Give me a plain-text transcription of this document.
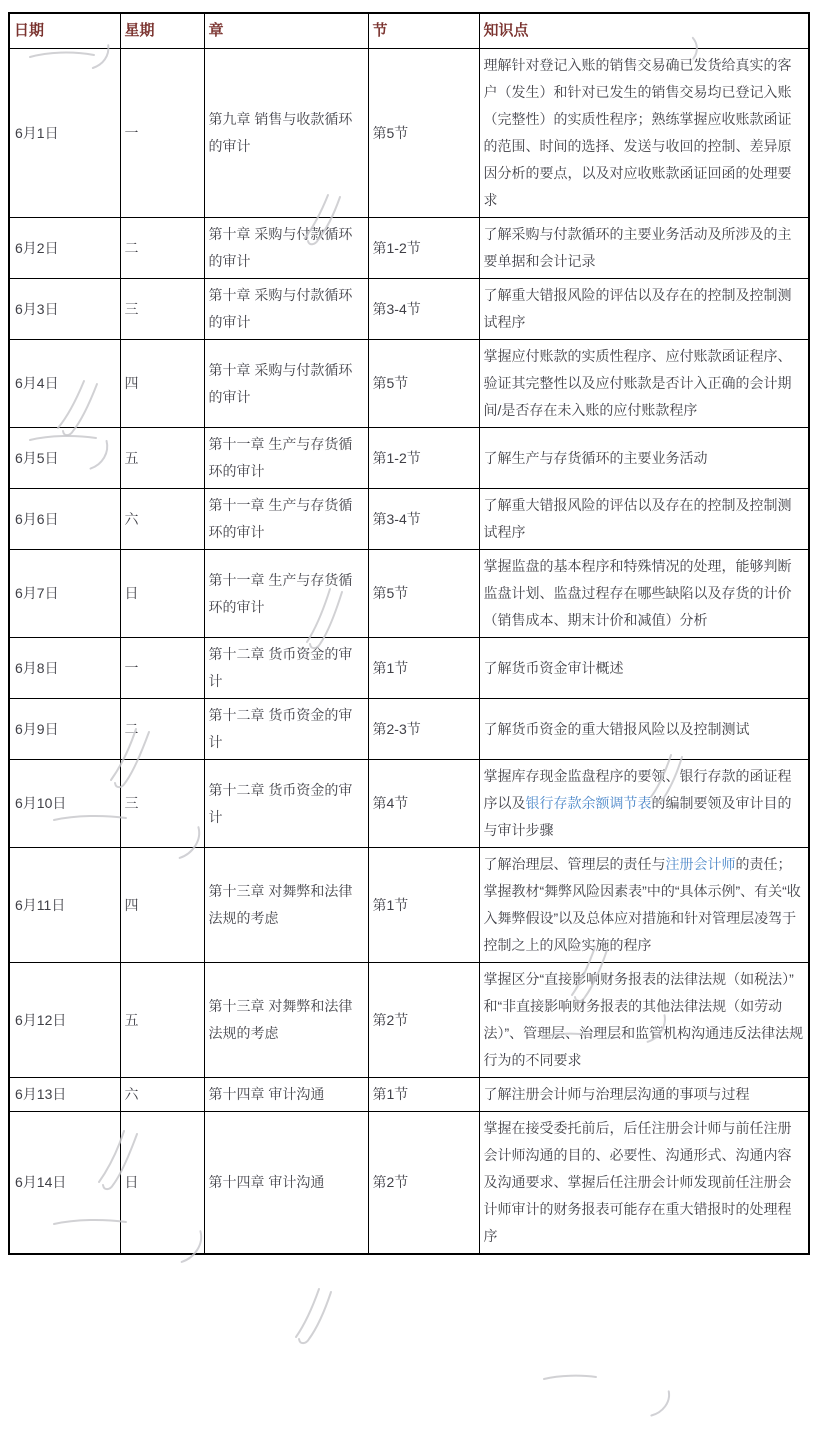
日期	星期	章	节	知识点
6月1日	一	第九章 销售与收款循环的审计	第5节	理解针对登记入账的销售交易确已发货给真实的客户（发生）和针对已发生的销售交易均已登记入账（完整性）的实质性程序；熟练掌握应收账款函证的范围、时间的选择、发送与收回的控制、差异原因分析的要点，以及对应收账款函证回函的处理要求
6月2日	二	第十章 采购与付款循环的审计	第1-2节	了解采购与付款循环的主要业务活动及所涉及的主要单据和会计记录
6月3日	三	第十章 采购与付款循环的审计	第3-4节	了解重大错报风险的评估以及存在的控制及控制测试程序
6月4日	四	第十章 采购与付款循环的审计	第5节	掌握应付账款的实质性程序、应付账款函证程序、验证其完整性以及应付账款是否计入正确的会计期间/是否存在未入账的应付账款程序
6月5日	五	第十一章 生产与存货循环的审计	第1-2节	了解生产与存货循环的主要业务活动
6月6日	六	第十一章 生产与存货循环的审计	第3-4节	了解重大错报风险的评估以及存在的控制及控制测试程序
6月7日	日	第十一章 生产与存货循环的审计	第5节	掌握监盘的基本程序和特殊情况的处理，能够判断监盘计划、监盘过程存在哪些缺陷以及存货的计价（销售成本、期末计价和减值）分析
6月8日	一	第十二章 货币资金的审计	第1节	了解货币资金审计概述
6月9日	二	第十二章 货币资金的审计	第2-3节	了解货币资金的重大错报风险以及控制测试
6月10日	三	第十二章 货币资金的审计	第4节	掌握库存现金监盘程序的要领、银行存款的函证程序以及银行存款余额调节表的编制要领及审计目的与审计步骤
6月11日	四	第十三章 对舞弊和法律法规的考虑	第1节	了解治理层、管理层的责任与注册会计师的责任；掌握教材“舞弊风险因素表”中的“具体示例”、有关“收入舞弊假设”以及总体应对措施和针对管理层凌驾于控制之上的风险实施的程序
6月12日	五	第十三章 对舞弊和法律法规的考虑	第2节	掌握区分“直接影响财务报表的法律法规（如税法）”和“非直接影响财务报表的其他法律法规（如劳动法）”、管理层、治理层和监管机构沟通违反法律法规行为的不同要求
6月13日	六	第十四章 审计沟通	第1节	了解注册会计师与治理层沟通的事项与过程
6月14日	日	第十四章 审计沟通	第2节	掌握在接受委托前后，后任注册会计师与前任注册会计师沟通的目的、必要性、沟通形式、沟通内容及沟通要求、掌握后任注册会计师发现前任注册会计师审计的财务报表可能存在重大错报时的处理程序
